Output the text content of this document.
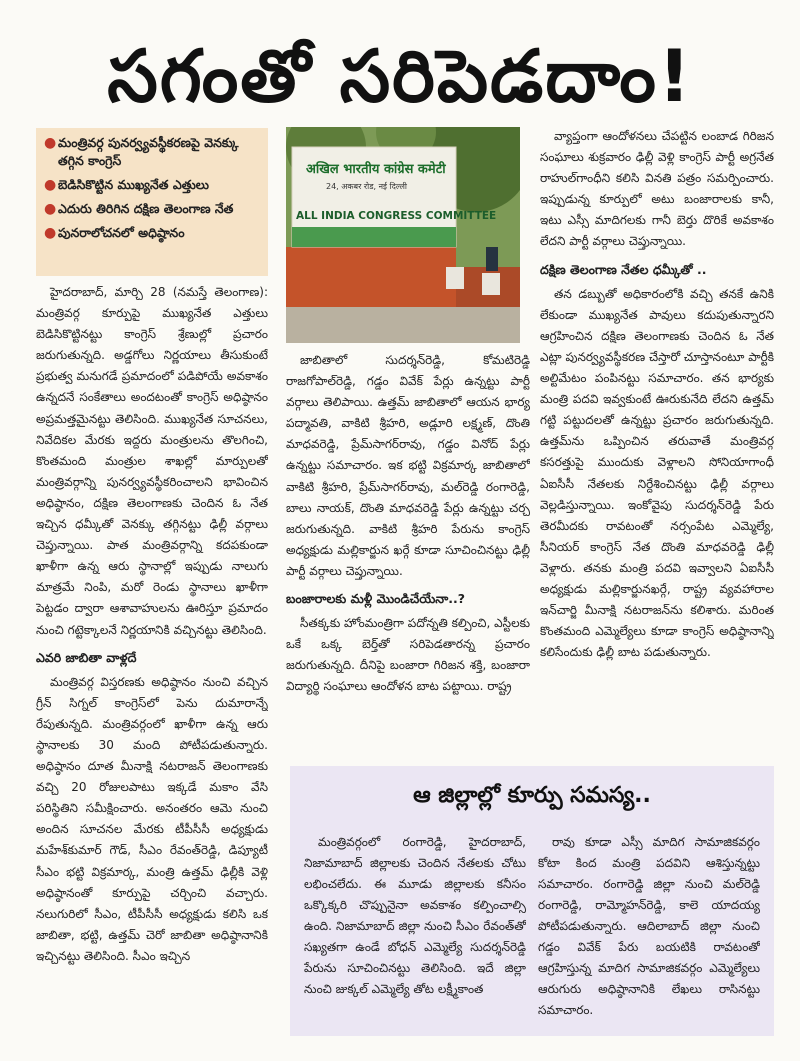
సగంతో సరిపెడదాం!
● మంత్రివర్గ పునర్వ్యవస్థీకరణపై వెనక్కు తగ్గిన కాంగ్రెస్
● బెడిసికొట్టిన ముఖ్యనేత ఎత్తులు
● ఎదురు తిరిగిన దక్షిణ తెలంగాణ నేత
● పునరాలోచనలో అధిష్ఠానం
अखिल भारतीय कांग्रेस कमेटी
24, अकबर रोड, नई दिल्ली
ALL INDIA CONGRESS COMMITTEE

హైదరాబాద్, మార్చి 28 (నమస్తే తెలంగాణ): మంత్రివర్గ కూర్పుపై ముఖ్యనేత ఎత్తులు బెడిసికొట్టినట్టు కాంగ్రెస్ శ్రేణుల్లో ప్రచారం జరుగుతున్నది. అడ్డగోలు నిర్ణయాలు తీసుకుంటే ప్రభుత్వ మనుగడే ప్రమాదంలో పడిపోయే అవకాశం ఉన్నదనే సంకేతాలు అందటంతో కాంగ్రెస్ అధిష్ఠానం అప్రమత్తమైనట్టు తెలిసింది. ముఖ్యనేత సూచనలు, నివేదికల మేరకు ఇద్దరు మంత్రులను తొలగించి, కొంతమంది మంత్రుల శాఖల్లో మార్పులతో మంత్రివర్గాన్ని పునర్వ్యవస్థీకరించాలని భావించిన అధిష్ఠానం, దక్షిణ తెలంగాణకు చెందిన ఓ నేత ఇచ్చిన ధమ్కీతో వెనక్కు తగ్గినట్టు ఢిల్లీ వర్గాలు చెప్తున్నాయి. పాత మంత్రివర్గాన్ని కదపకుండా ఖాళీగా ఉన్న ఆరు స్థానాల్లో ఇప్పుడు నాలుగు మాత్రమే నింపి, మరో రెండు స్థానాలు ఖాళీగా పెట్టడం ద్వారా ఆశావాహులను ఊరిస్తూ ప్రమాదం నుంచి గట్టెక్కాలనే నిర్ణయానికి వచ్చినట్టు తెలిసింది.

ఎవరి జాబితా వాళ్లదే

మంత్రివర్గ విస్తరణకు అధిష్ఠానం నుంచి వచ్చిన గ్రీన్ సిగ్నల్ కాంగ్రెస్‌లో పెను దుమారాన్నే రేపుతున్నది. మంత్రివర్గంలో ఖాళీగా ఉన్న ఆరు స్థానాలకు 30 మంది పోటీపడుతున్నారు. అధిష్ఠానం దూత మీనాక్షి నటరాజన్ తెలంగాణకు వచ్చి 20 రోజులపాటు ఇక్కడే మకాం వేసి పరిస్థితిని సమీక్షించారు. అనంతరం ఆమె నుంచి అందిన సూచనల మేరకు టీపీసీసీ అధ్యక్షుడు మహేశ్‌కుమార్ గౌడ్, సీఎం రేవంత్‌రెడ్డి, డిప్యూటీ సీఎం భట్టి విక్రమార్క, మంత్రి ఉత్తమ్ ఢిల్లీకి వెళ్లి అధిష్ఠానంతో కూర్పుపై చర్చించి వచ్చారు. నలుగురిలో సీఎం, టీపీసీసీ అధ్యక్షుడు కలిసి ఒక జాబితా, భట్టి, ఉత్తమ్ చెరో జాబితా అధిష్ఠానానికి ఇచ్చినట్టు తెలిసింది. సీఎం ఇచ్చిన

జాబితాలో సుదర్శన్‌రెడ్డి, కోమటిరెడ్డి రాజగోపాల్‌రెడ్డి, గడ్డం వివేక్ పేర్లు ఉన్నట్టు పార్టీ వర్గాలు తెలిపాయి. ఉత్తమ్ జాబితాలో ఆయన భార్య పద్మావతి, వాకిటి శ్రీహరి, అడ్లూరి లక్ష్మణ్, దొంతి మాధవరెడ్డి, ప్రేమ్‌సాగర్‌రావు, గడ్డం వినోద్ పేర్లు ఉన్నట్టు సమాచారం. ఇక భట్టి విక్రమార్క జాబితాలో వాకిటి శ్రీహరి, ప్రేమ్‌సాగర్‌రావు, మల్‌రెడ్డి రంగారెడ్డి, బాలు నాయక్, దొంతి మాధవరెడ్డి పేర్లు ఉన్నట్టు చర్చ జరుగుతున్నది. వాకిటి శ్రీహరి పేరును కాంగ్రెస్ అధ్యక్షుడు మల్లికార్జున ఖర్గే కూడా సూచించినట్టు ఢిల్లీ పార్టీ వర్గాలు చెప్తున్నాయి.

బంజారాలకు మళ్లీ మొండిచేయేనా..?

సీతక్కకు హోంమంత్రిగా పదోన్నతి కల్పించి, ఎస్టీలకు ఒకే ఒక్క బెర్త్‌తో సరిపెడతారన్న ప్రచారం జరుగుతున్నది. దీనిపై బంజారా గిరిజన శక్తి, బంజారా విద్యార్థి సంఘాలు ఆందోళన బాట పట్టాయి. రాష్ట్ర

వ్యాప్తంగా ఆందోళనలు చేపట్టిన లంబాడ గిరిజన సంఘాలు శుక్రవారం ఢిల్లీ వెళ్లి కాంగ్రెస్ పార్టీ అగ్రనేత రాహుల్‌గాంధీని కలిసి వినతి పత్రం సమర్పించారు. ఇప్పుడున్న కూర్పులో అటు బంజారాలకు కానీ, ఇటు ఎస్సీ మాదిగలకు గానీ బెర్తు దొరికే అవకాశం లేదని పార్టీ వర్గాలు చెప్తున్నాయి.

దక్షిణ తెలంగాణ నేతల ధమ్కీతో ..

తన డబ్బుతో అధికారంలోకి వచ్చి తనకే ఉనికి లేకుండా ముఖ్యనేత పావులు కదుపుతున్నారని ఆగ్రహించిన దక్షిణ తెలంగాణకు చెందిన ఓ నేత ఎట్లా పునర్వ్యవస్థీకరణ చేస్తారో చూస్తానంటూ పార్టీకి అల్టిమేటం పంపినట్టు సమాచారం. తన భార్యకు మంత్రి పదవి ఇవ్వకుంటే ఊరుకునేది లేదని ఉత్తమ్ గట్టి పట్టుదలతో ఉన్నట్టు ప్రచారం జరుగుతున్నది. ఉత్తమ్‌ను ఒప్పించిన తరువాతే మంత్రివర్గ కసరత్తుపై ముందుకు వెళ్లాలని సోనియాగాంధీ ఏఐసీసీ నేతలకు నిర్దేశించినట్టు ఢిల్లీ వర్గాలు వెల్లడిస్తున్నాయి. ఇంకోవైపు సుదర్శన్‌రెడ్డి పేరు తెరమీదకు రావటంతో నర్సంపేట ఎమ్మెల్యే, సీనియర్ కాంగ్రెస్ నేత దొంతి మాధవరెడ్డి ఢిల్లీ వెళ్లారు. తనకు మంత్రి పదవి ఇవ్వాలని ఏఐసీసీ అధ్యక్షుడు మల్లికార్జునఖర్గే, రాష్ట్ర వ్యవహారాల ఇన్‌చార్జి మీనాక్షి నటరాజన్‌ను కలిశారు. మరింత కొంతమంది ఎమ్మెల్యేలు కూడా కాంగ్రెస్ అధిష్ఠానాన్ని కలిసేందుకు ఢిల్లీ బాట పడుతున్నారు.

ఆ జిల్లాల్లో కూర్పు సమస్య..

మంత్రివర్గంలో రంగారెడ్డి, హైదరాబాద్, నిజామాబాద్ జిల్లాలకు చెందిన నేతలకు చోటు లభించలేదు. ఈ మూడు జిల్లాలకు కనీసం ఒక్కొక్కరి చొప్పునైనా అవకాశం కల్పించాల్సి ఉంది. నిజామాబాద్ జిల్లా నుంచి సీఎం రేవంత్‌తో సఖ్యతగా ఉండే బోధన్ ఎమ్మెల్యే సుదర్శన్‌రెడ్డి పేరును సూచించినట్టు తెలిసింది. ఇదే జిల్లా నుంచి జుక్కల్ ఎమ్మెల్యే తోట లక్ష్మీకాంత

రావు కూడా ఎస్సీ మాదిగ సామాజికవర్గం కోటా కింద మంత్రి పదవిని ఆశిస్తున్నట్టు సమాచారం. రంగారెడ్డి జిల్లా నుంచి మల్‌రెడ్డి రంగారెడ్డి, రామ్మోహన్‌రెడ్డి, కాలె యాదయ్య పోటీపడుతున్నారు. ఆదిలాబాద్ జిల్లా నుంచి గడ్డం వివేక్ పేరు బయటికి రావటంతో ఆగ్రహిస్తున్న మాదిగ సామాజికవర్గం ఎమ్మెల్యేలు ఆరుగురు అధిష్ఠానానికి లేఖలు రాసినట్టు సమాచారం.
